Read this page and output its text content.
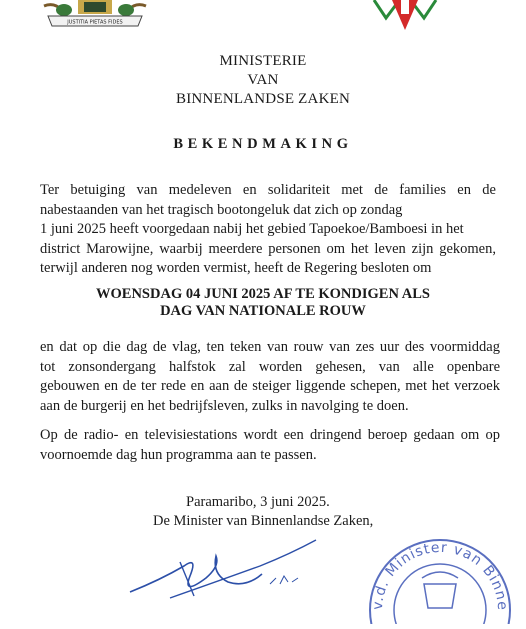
JUSTITIA PIETAS FIDES
MINISTERIE
VAN
BINNENLANDSE ZAKEN
BEKENDMAKING
Ter betuiging van medeleven en solidariteit met de families en de
nabestaanden van het tragisch bootongeluk dat zich op zondag
1 juni 2025 heeft voorgedaan nabij het gebied Tapoekoe/Bamboesi in het
district Marowijne, waarbij meerdere personen om het leven zijn gekomen,
terwijl anderen nog worden vermist, heeft de Regering besloten om
WOENSDAG 04 JUNI 2025 AF TE KONDIGEN ALS
DAG VAN NATIONALE ROUW
en dat op die dag de vlag, ten teken van rouw van zes uur des voormiddag
tot zonsondergang halfstok zal worden gehesen, van alle openbare
gebouwen en de ter rede en aan de steiger liggende schepen, met het verzoek
aan de burgerij en het bedrijfsleven, zulks in navolging te doen.
Op de radio- en televisiestations wordt een dringend beroep gedaan om op
voornoemde dag hun programma aan te passen.
Paramaribo, 3 juni 2025.
De Minister van Binnenlandse Zaken,
v.d. Minister van Binne
